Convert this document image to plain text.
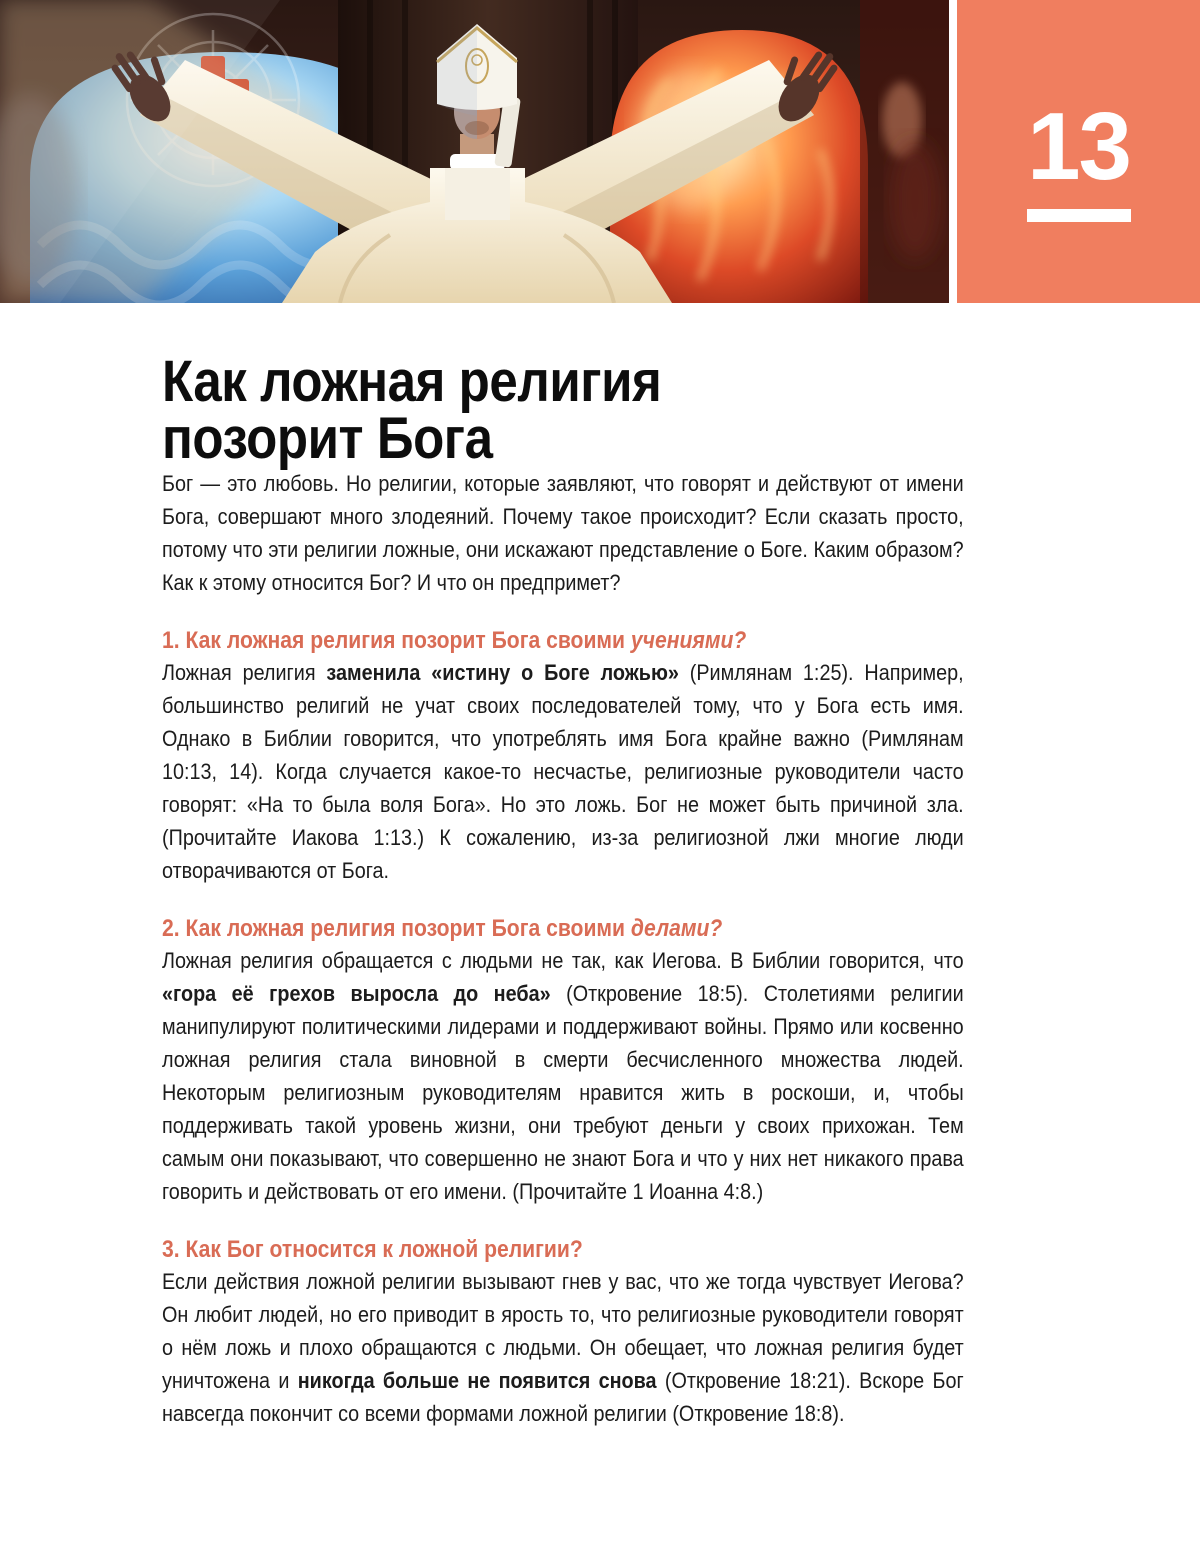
13
Как ложная религия позорит Бога

Бог — это любовь. Но религии, которые заявляют, что говорят и действуют от имени Бога, совершают много злодеяний. Почему такое происходит? Если сказать просто, потому что эти религии ложные, они искажают представление о Боге. Каким образом? Как к этому относится Бог? И что он предпримет?

1. Как ложная религия позорит Бога своими учениями?

Ложная религия заменила «истину о Боге ложью» (Римлянам 1:25). Например, большинство религий не учат своих последователей тому, что у Бога есть имя. Однако в Библии говорится, что употреблять имя Бога крайне важно (Римлянам 10:13, 14). Когда случается какое-то несчастье, религиозные руководители часто говорят: «На то была воля Бога». Но это ложь. Бог не может быть причиной зла. (Прочитайте Иакова 1:13.) К сожалению, из-за религиозной лжи многие люди отворачиваются от Бога.

2. Как ложная религия позорит Бога своими делами?

Ложная религия обращается с людьми не так, как Иегова. В Библии говорится, что «гора её грехов выросла до неба» (Откровение 18:5). Столетиями религии манипулируют политическими лидерами и поддерживают войны. Прямо или косвенно ложная религия стала виновной в смерти бесчисленного множества людей. Некоторым религиозным руководителям нравится жить в роскоши, и, чтобы поддерживать такой уровень жизни, они требуют деньги у своих прихожан. Тем самым они показывают, что совершенно не знают Бога и что у них нет никакого права говорить и действовать от его имени. (Прочитайте 1 Иоанна 4:8.)

3. Как Бог относится к ложной религии?

Если действия ложной религии вызывают гнев у вас, что же тогда чувствует Иегова? Он любит людей, но его приводит в ярость то, что религиозные руководители говорят о нём ложь и плохо обращаются с людьми. Он обещает, что ложная религия будет уничтожена и никогда больше не появится снова (Откровение 18:21). Вскоре Бог навсегда покончит со всеми формами ложной религии (Откровение 18:8).
